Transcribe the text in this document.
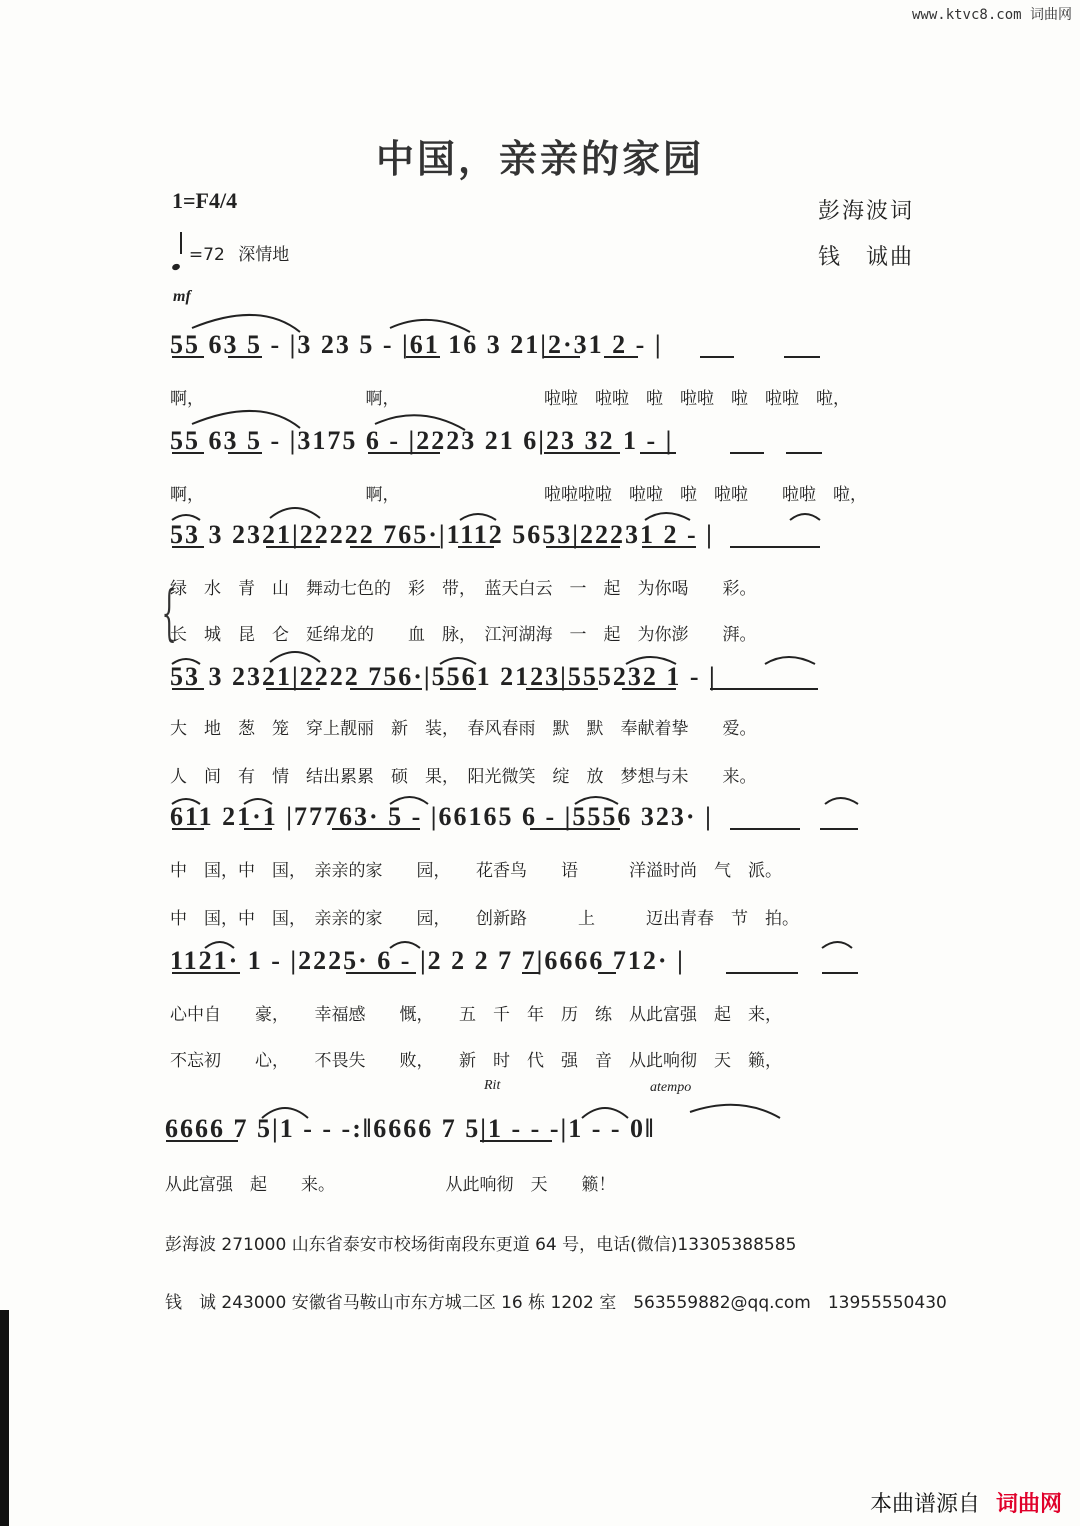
www.ktvc8.com 词曲网
中国，亲亲的家园
1=F4/4
=72 深情地
彭海波词
钱　诚曲
mf
55 63 5 - |3 23 5 - |61 16 3 21|2·31 2 - |
啊，　　　　　　　　　　啊，　　　　　　　　　啦啦　啦啦　啦　啦啦　啦　啦啦　啦，
55 63 5 - |3175 6 - |2223 21 6|23 32 1 - |
啊，　　　　　　　　　　啊，　　　　　　　　　啦啦啦啦　啦啦　啦　啦啦　　啦啦　啦，
53 3 2321|22222 765·|1112 5653|22231 2 - |
{
绿　水　青　山　舞动七色的　彩　带，　蓝天白云　一　起　为你喝　　彩。
长　城　昆　仑　延绵龙的　　血　脉，　江河湖海　一　起　为你澎　　湃。
53 3 2321|2222 756·|5561 2123|555232 1 - |
大　地　葱　笼　穿上靓丽　新　装，　春风春雨　默　默　奉献着挚　　爱。
人　间　有　情　结出累累　硕　果，　阳光微笑　绽　放　梦想与未　　来。
611 21·1 |77763· 5 - |66165 6 - |5556 323· |
中　国，中　国，　亲亲的家　　园，　　花香鸟　　语　　　洋溢时尚　气　派。
中　国，中　国，　亲亲的家　　园，　　创新路　　　上　　　迈出青春　节　拍。
1121· 1 - |2225· 6 - |2 2 2 7 7|6666 712· |
心中自　　豪，　　幸福感　　慨，　　五　千　年　历　练　从此富强　起　来，
不忘初　　心，　　不畏失　　败，　　新　时　代　强　音　从此响彻　天　籁，
Rit	atempo
6666 7 5|1 - - -:‖6666 7 5|1 - - -|1 - - 0‖
从此富强　起　　来。　　　　　　　从此响彻　天　　籁！
彭海波 271000 山东省泰安市校场街南段东更道 64 号，电话(微信)13305388585
钱　诚 243000 安徽省马鞍山市东方城二区 16 栋 1202 室　563559882@qq.com　13955550430
本曲谱源自 词曲网
